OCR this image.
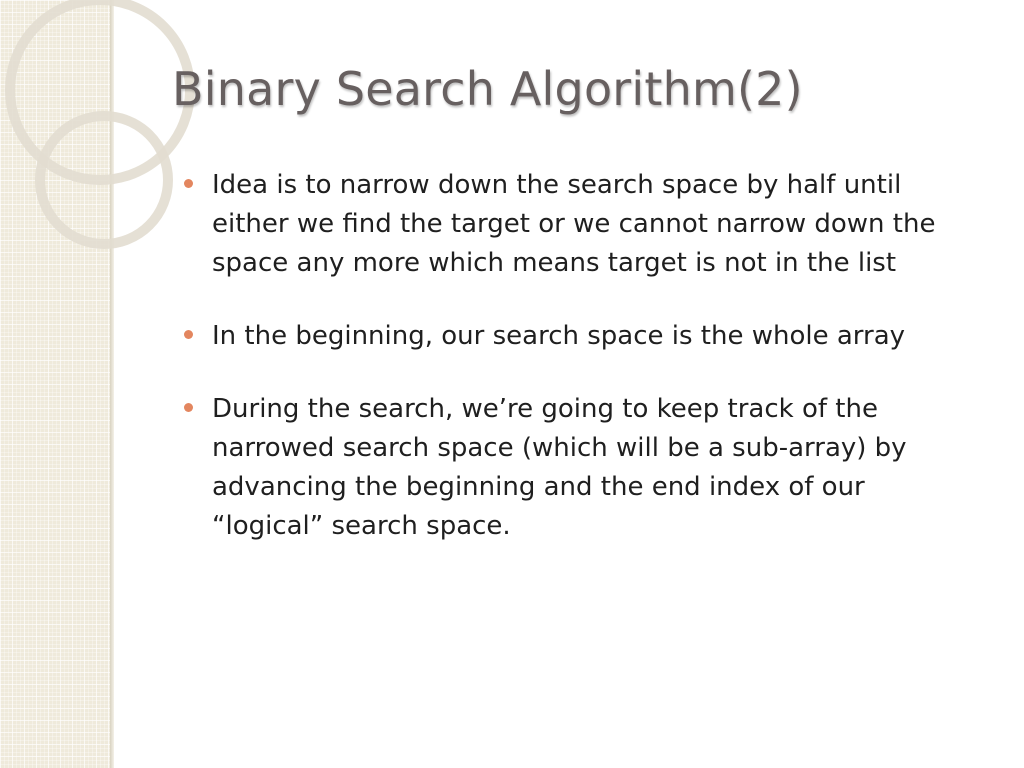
Binary Search Algorithm(2)
Idea is to narrow down the search space by half until either we find the target or we cannot narrow down the space any more which means target is not in the list
In the beginning, our search space is the whole array
During the search, we’re going to keep track of the narrowed search space (which will be a sub-array) by advancing the beginning and the end index of our “logical” search space.
